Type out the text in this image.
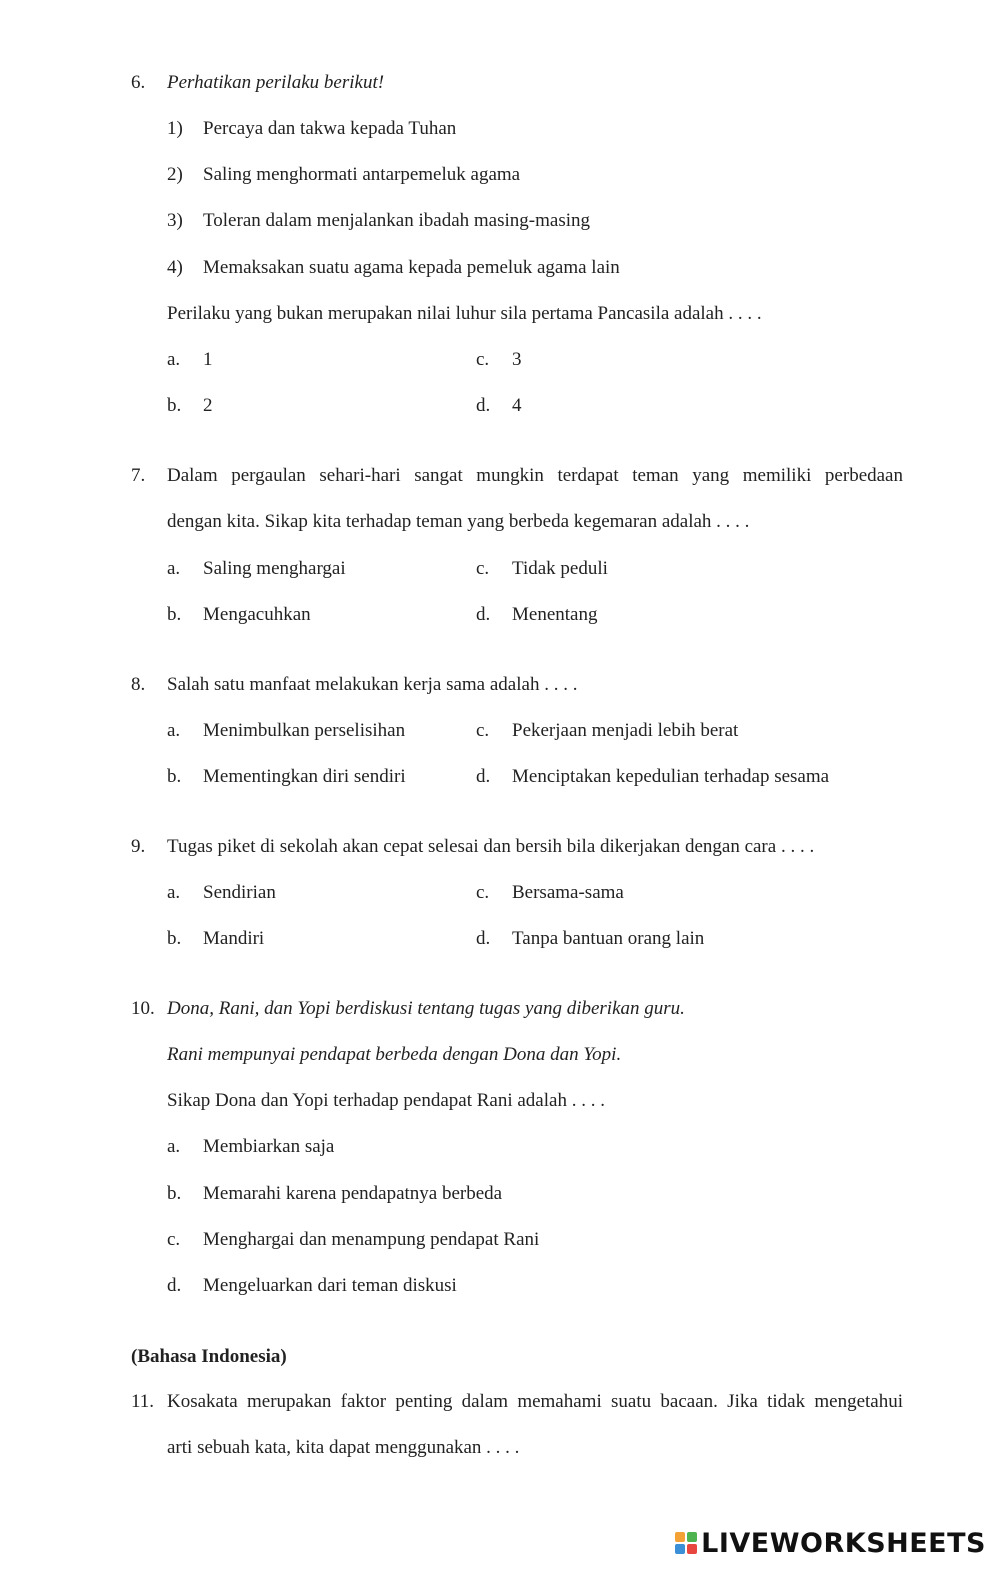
6. Perhatikan perilaku berikut!
1) Percaya dan takwa kepada Tuhan
2) Saling menghormati antarpemeluk agama
3) Toleran dalam menjalankan ibadah masing-masing
4) Memaksakan suatu agama kepada pemeluk agama lain
Perilaku yang bukan merupakan nilai luhur sila pertama Pancasila adalah . . . .
a. 1
b. 2
c. 3
d. 4
7. Dalam pergaulan sehari-hari sangat mungkin terdapat teman yang memiliki perbedaan
dengan kita. Sikap kita terhadap teman yang berbeda kegemaran adalah . . . .
a. Saling menghargai
b. Mengacuhkan
c. Tidak peduli
d. Menentang
8. Salah satu manfaat melakukan kerja sama adalah . . . .
a. Menimbulkan perselisihan
b. Mementingkan diri sendiri
c. Pekerjaan menjadi lebih berat
d. Menciptakan kepedulian terhadap sesama
9. Tugas piket di sekolah akan cepat selesai dan bersih bila dikerjakan dengan cara . . . .
a. Sendirian
b. Mandiri
c. Bersama-sama
d. Tanpa bantuan orang lain
10. Dona, Rani, dan Yopi berdiskusi tentang tugas yang diberikan guru.
Rani mempunyai pendapat berbeda dengan Dona dan Yopi.
Sikap Dona dan Yopi terhadap pendapat Rani adalah . . . .
a. Membiarkan saja
b. Memarahi karena pendapatnya berbeda
c. Menghargai dan menampung pendapat Rani
d. Mengeluarkan dari teman diskusi
(Bahasa Indonesia)
11. Kosakata merupakan faktor penting dalam memahami suatu bacaan. Jika tidak mengetahui
arti sebuah kata, kita dapat menggunakan . . . .
LIVEWORKSHEETS
